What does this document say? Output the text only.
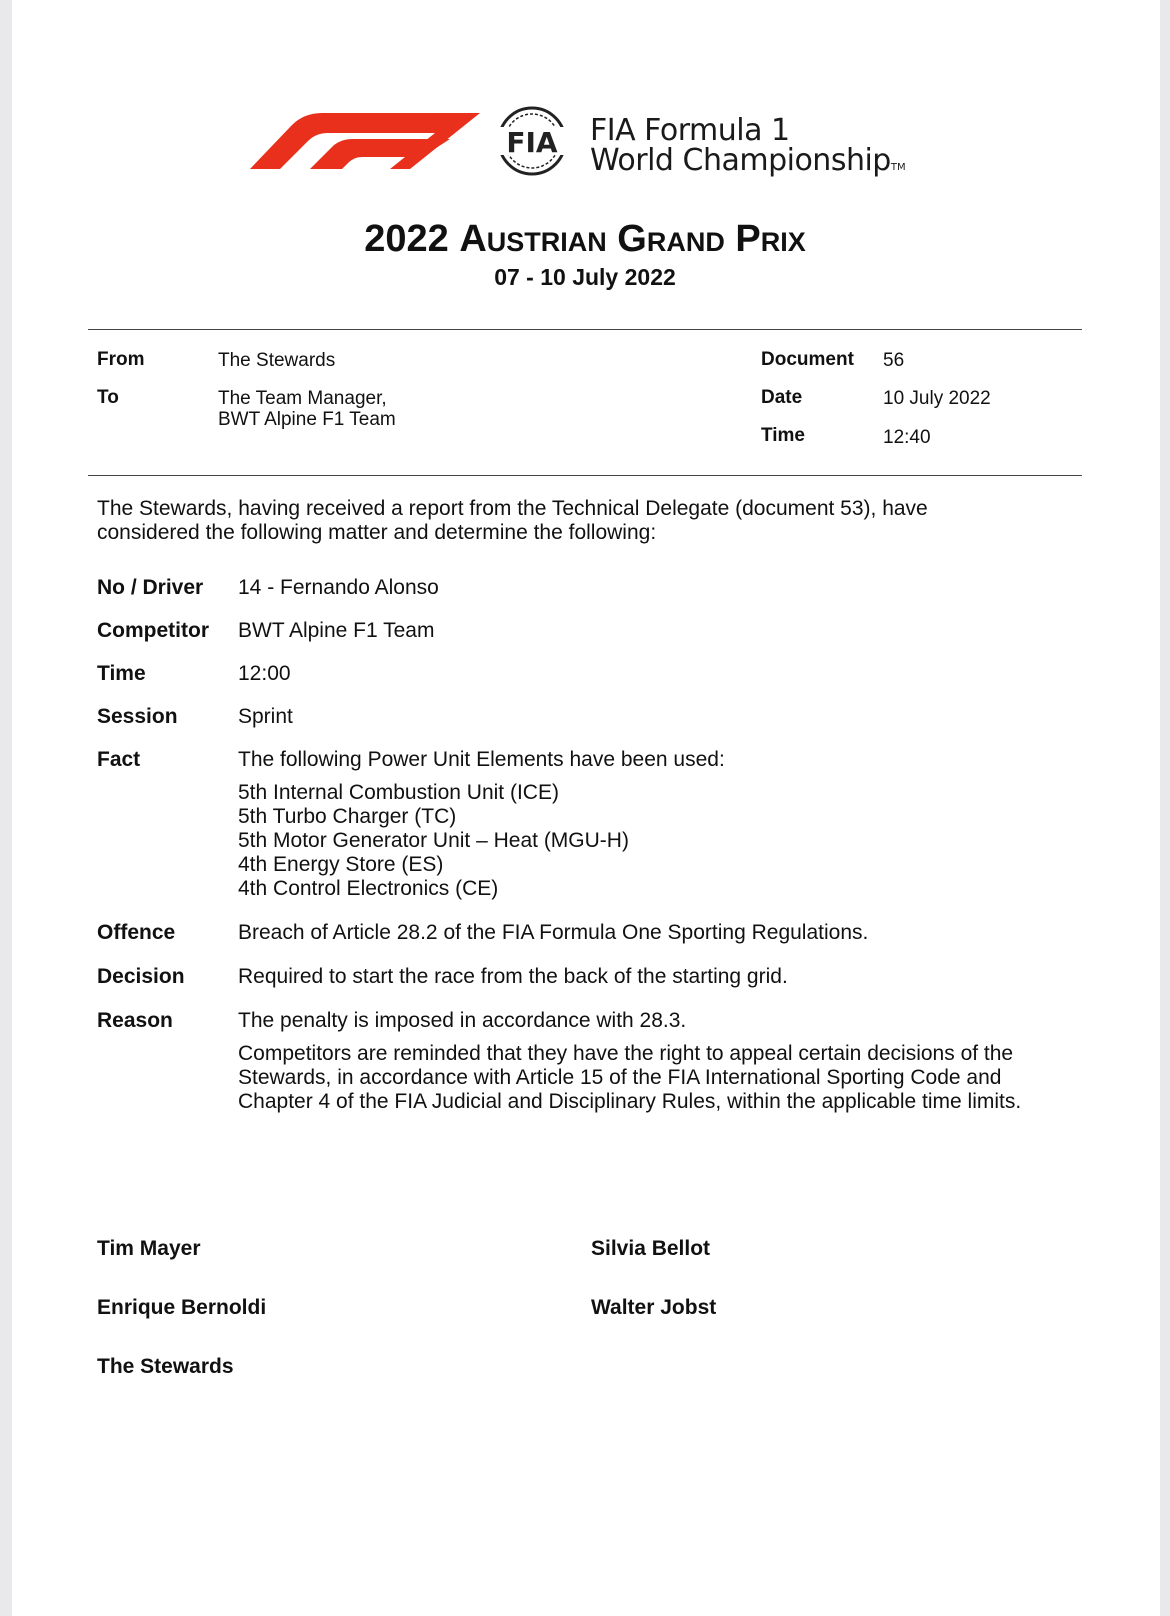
FIA FIA Formula 1
World ChampionshipTM
2022 Austrian Grand Prix
07 - 10 July 2022
From	The Stewards
To	The Team Manager,
BWT Alpine F1 Team
Document 56
Date	10 July 2022
Time	12:40
The Stewards, having received a report from the Technical Delegate (document 53), have
considered the following matter and determine the following:
No / Driver 14 - Fernando Alonso
Competitor BWT Alpine F1 Team
Time	12:00
Session	Sprint
Fact	The following Power Unit Elements have been used:
5th Internal Combustion Unit (ICE)
5th Turbo Charger (TC)
5th Motor Generator Unit – Heat (MGU-H)
4th Energy Store (ES)
4th Control Electronics (CE)
Offence	Breach of Article 28.2 of the FIA Formula One Sporting Regulations.
Decision	Required to start the race from the back of the starting grid.
Reason	The penalty is imposed in accordance with 28.3.
Competitors are reminded that they have the right to appeal certain decisions of the
Stewards, in accordance with Article 15 of the FIA International Sporting Code and
Chapter 4 of the FIA Judicial and Disciplinary Rules, within the applicable time limits.
Tim Mayer	Silvia Bellot
Enrique Bernoldi	Walter Jobst
The Stewards
